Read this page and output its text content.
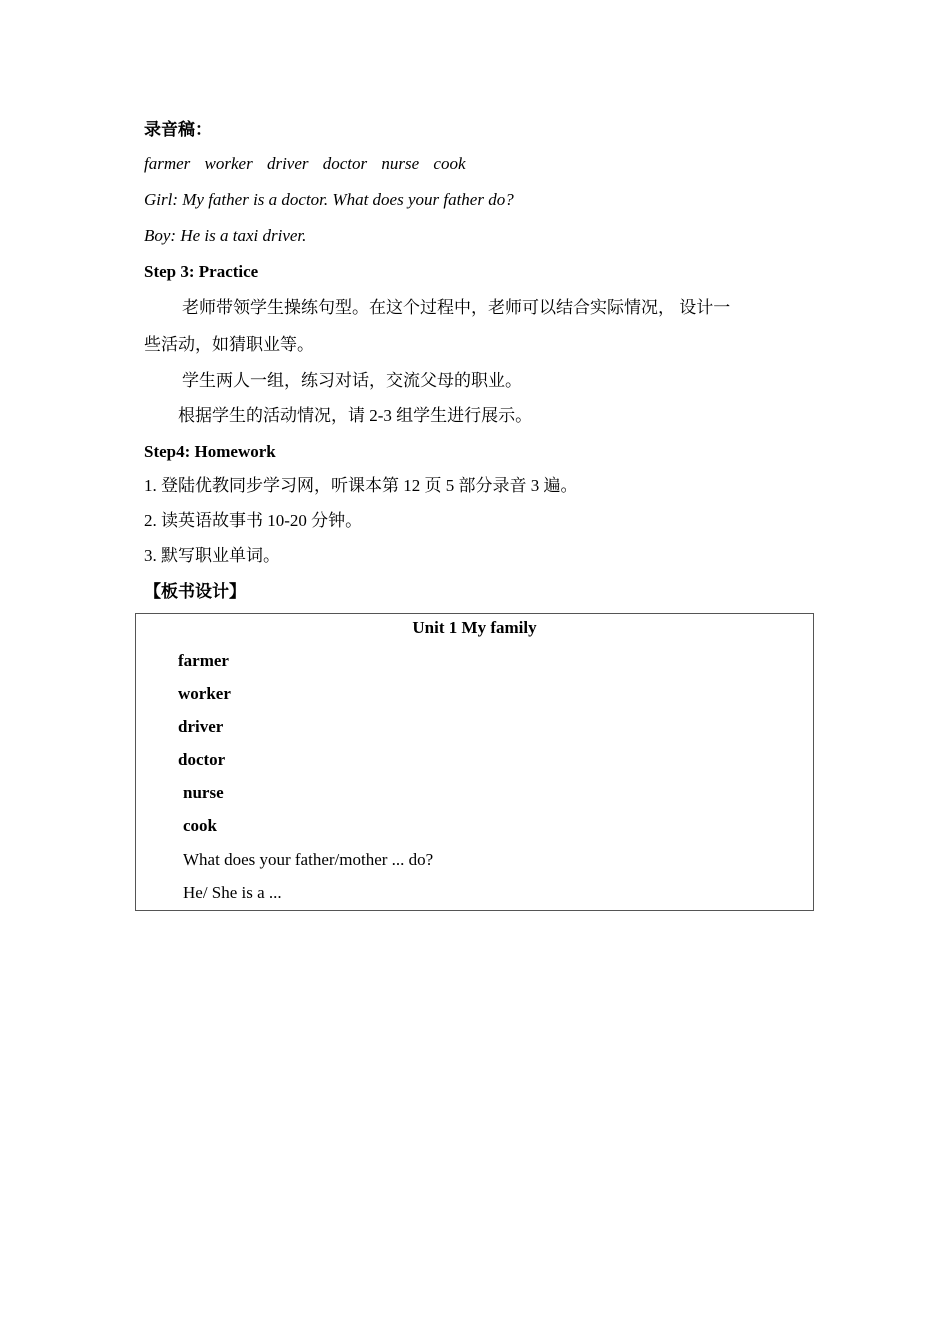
录音稿：
farmer worker driver doctor nurse cook
Girl: My father is a doctor. What does your father do?
Boy: He is a taxi driver.
Step 3: Practice
老师带领学生操练句型。在这个过程中，老师可以结合实际情况， 设计一
些活动，如猜职业等。
学生两人一组，练习对话，交流父母的职业。
根据学生的活动情况，请 2-3 组学生进行展示。
Step4: Homework
1. 登陆优教同步学习网，听课本第 12 页 5 部分录音 3 遍。
2. 读英语故事书 10-20 分钟。
3. 默写职业单词。
【板书设计】
Unit 1 My family
farmer
worker
driver
doctor
nurse
cook
What does your father/mother ... do?
He/ She is a ...
